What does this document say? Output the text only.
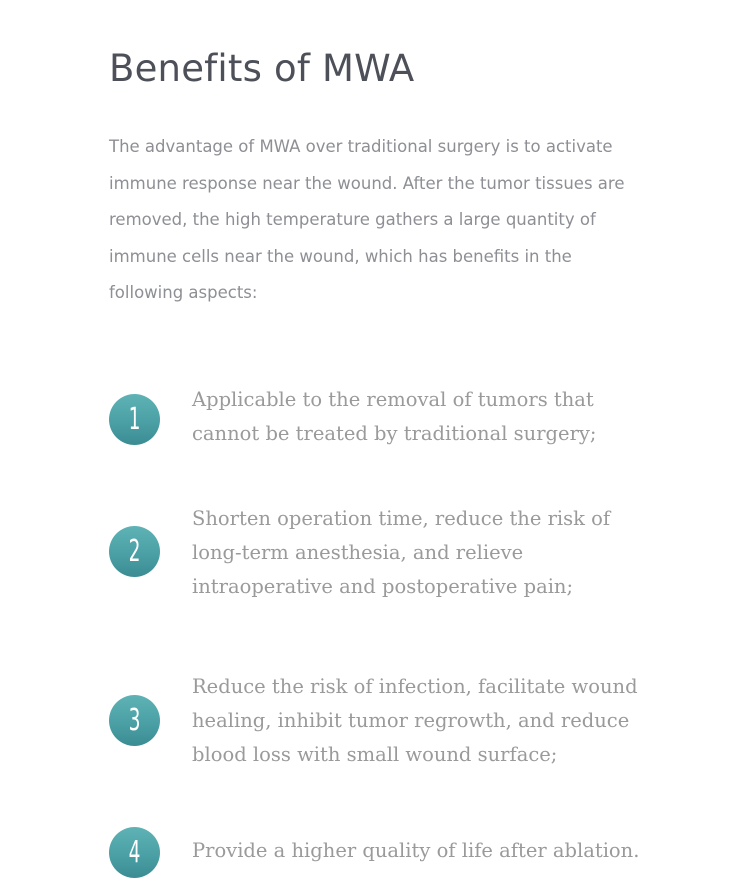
Benefits of MWA

The advantage of MWA over traditional surgery is to activate immune response near the wound. After the tumor tissues are removed, the high temperature gathers a large quantity of immune cells near the wound, which has benefits in the following aspects:

1

Applicable to the removal of tumors that cannot be treated by traditional surgery;

2

Shorten operation time, reduce the risk of long-term anesthesia, and relieve intraoperative and postoperative pain;

3

Reduce the risk of infection, facilitate wound healing, inhibit tumor regrowth, and reduce blood loss with small wound surface;

4	Provide a higher quality of life after ablation.
